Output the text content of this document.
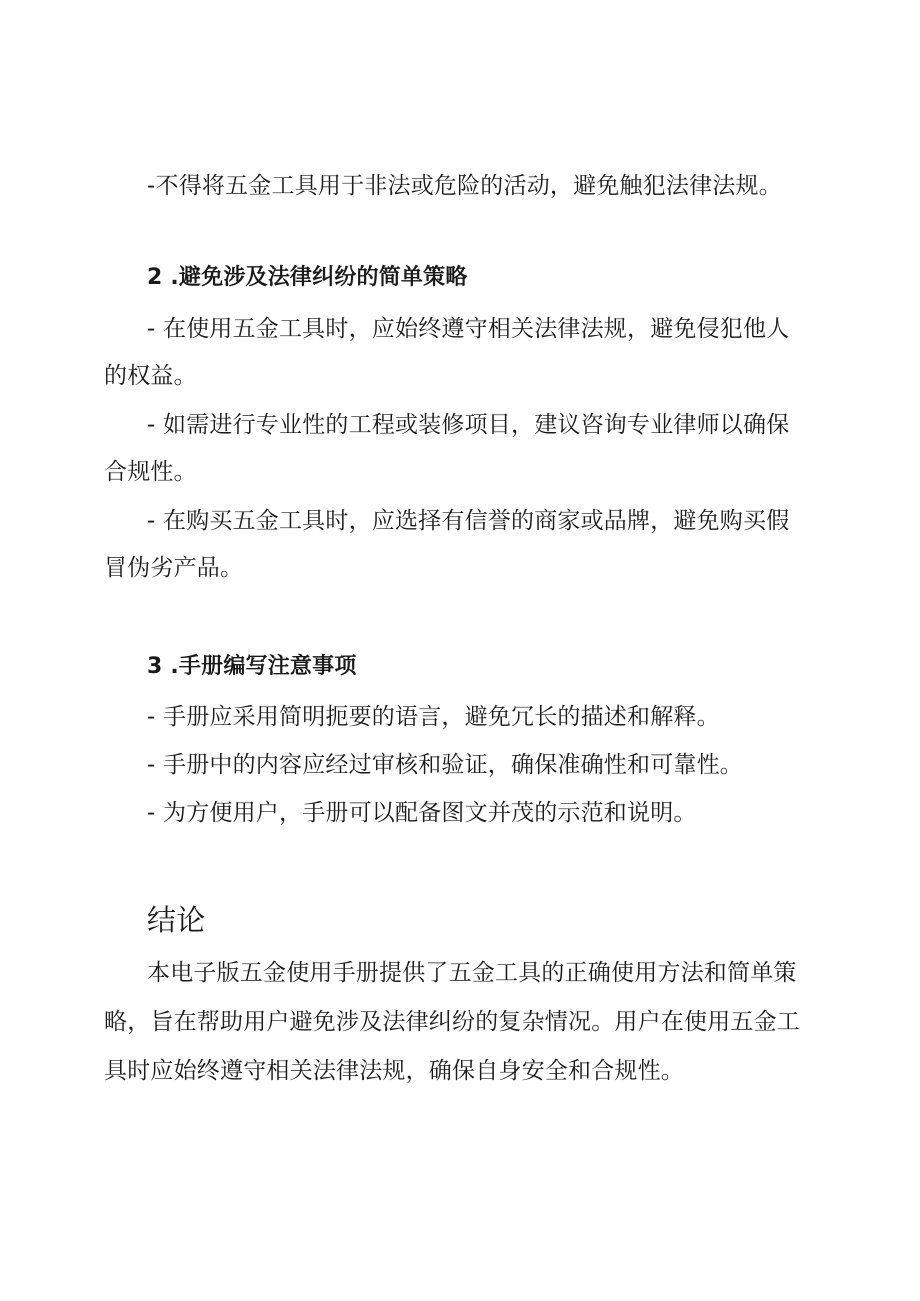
-不得将五金工具用于非法或危险的活动，避免触犯法律法规。

2 .避免涉及法律纠纷的简单策略

- 在使用五金工具时，应始终遵守相关法律法规，避免侵犯他人

的权益。

- 如需进行专业性的工程或装修项目，建议咨询专业律师以确保

合规性。

- 在购买五金工具时，应选择有信誉的商家或品牌，避免购买假

冒伪劣产品。

3 .手册编写注意事项

- 手册应采用简明扼要的语言，避免冗长的描述和解释。

- 手册中的内容应经过审核和验证，确保准确性和可靠性。

- 为方便用户，手册可以配备图文并茂的示范和说明。

结论

本电子版五金使用手册提供了五金工具的正确使用方法和简单策

略，旨在帮助用户避免涉及法律纠纷的复杂情况。用户在使用五金工

具时应始终遵守相关法律法规，确保自身安全和合规性。
